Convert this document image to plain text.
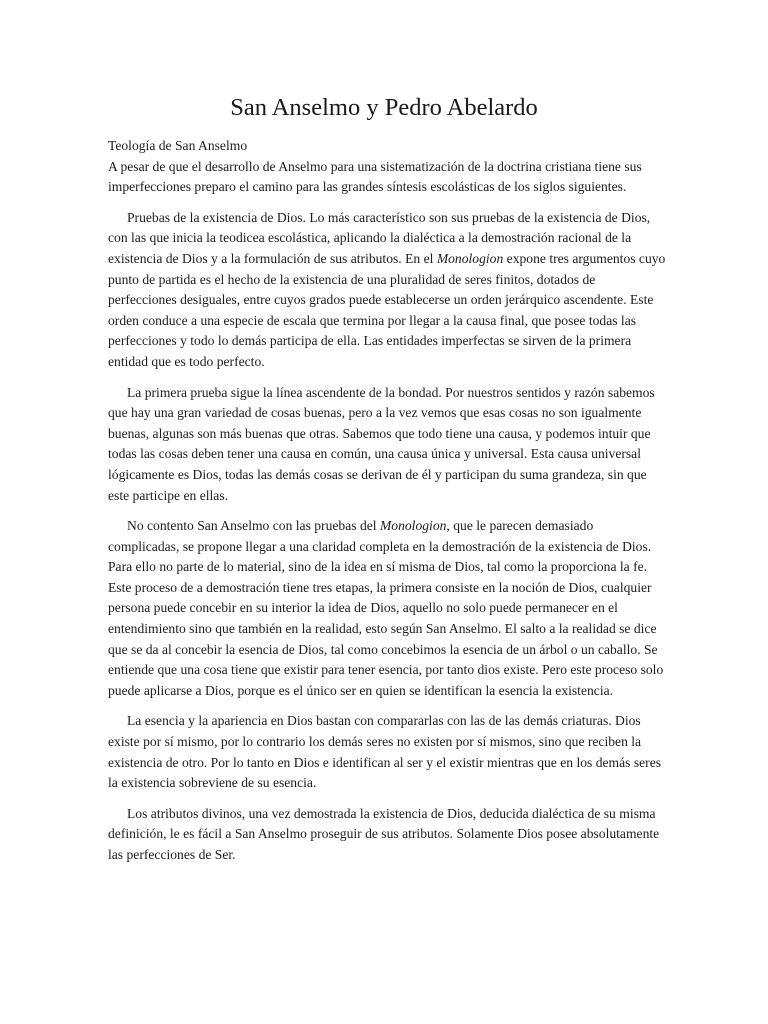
San Anselmo y Pedro Abelardo

Teología de San Anselmo
A pesar de que el desarrollo de Anselmo para una sistematización de la doctrina cristiana tiene sus imperfecciones preparo el camino para las grandes síntesis escolásticas de los siglos siguientes.

Pruebas de la existencia de Dios. Lo más característico son sus pruebas de la existencia de Dios, con las que inicia la teodicea escolástica, aplicando la dialéctica a la demostración racional de la existencia de Dios y a la formulación de sus atributos. En el Monologion expone tres argumentos cuyo punto de partida es el hecho de la existencia de una pluralidad de seres finitos, dotados de perfecciones desiguales, entre cuyos grados puede establecerse un orden jerárquico ascendente. Este orden conduce a una especie de escala que termina por llegar a la causa final, que posee todas las perfecciones y todo lo demás participa de ella. Las entidades imperfectas se sirven de la primera entidad que es todo perfecto.

La primera prueba sigue la línea ascendente de la bondad. Por nuestros sentidos y razón sabemos que hay una gran variedad de cosas buenas, pero a la vez vemos que esas cosas no son igualmente buenas, algunas son más buenas que otras. Sabemos que todo tiene una causa, y podemos intuir que todas las cosas deben tener una causa en común, una causa única y universal. Esta causa universal lógicamente es Dios, todas las demás cosas se derivan de él y participan du suma grandeza, sin que este participe en ellas.

No contento San Anselmo con las pruebas del Monologion, que le parecen demasiado complicadas, se propone llegar a una claridad completa en la demostración de la existencia de Dios. Para ello no parte de lo material, sino de la idea en sí misma de Dios, tal como la proporciona la fe. Este proceso de a demostración tiene tres etapas, la primera consiste en la noción de Dios, cualquier persona puede concebir en su interior la idea de Dios, aquello no solo puede permanecer en el entendimiento sino que también en la realidad, esto según San Anselmo. El salto a la realidad se dice que se da al concebir la esencia de Dios, tal como concebimos la esencia de un árbol o un caballo. Se entiende que una cosa tiene que existir para tener esencia, por tanto dios existe. Pero este proceso solo puede aplicarse a Dios, porque es el único ser en quien se identifican la esencia la existencia.

La esencia y la apariencia en Dios bastan con compararlas con las de las demás criaturas. Dios existe por sí mismo, por lo contrario los demás seres no existen por sí mismos, sino que reciben la existencia de otro. Por lo tanto en Dios e identifican al ser y el existir mientras que en los demás seres la existencia sobreviene de su esencia.

Los atributos divinos, una vez demostrada la existencia de Dios, deducida dialéctica de su misma definición, le es fácil a San Anselmo proseguir de sus atributos. Solamente Dios posee absolutamente las perfecciones de Ser.
